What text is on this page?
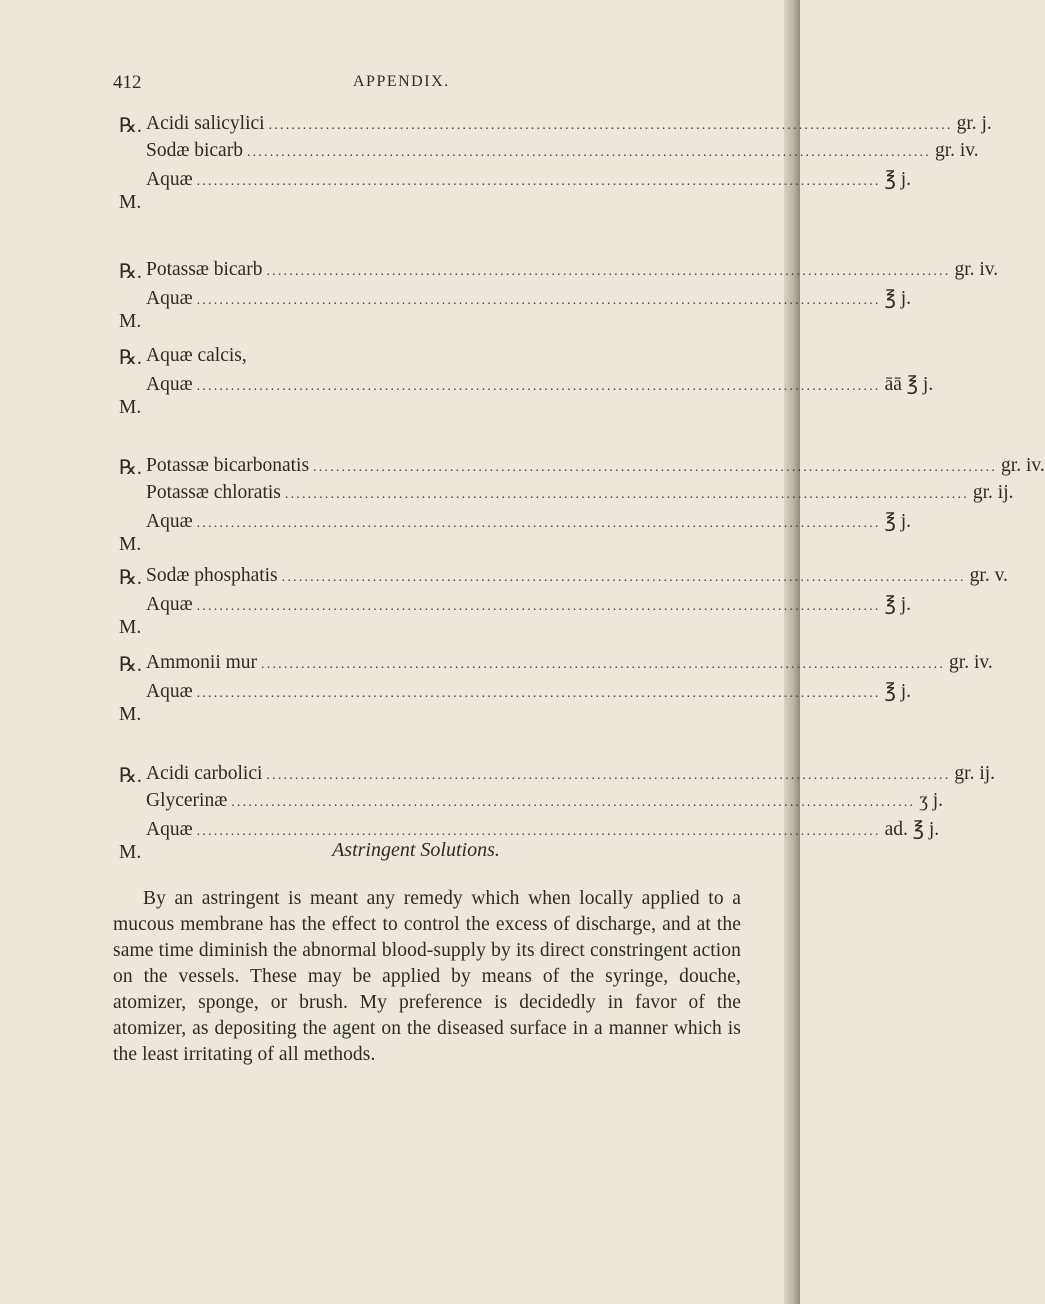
412	APPENDIX.
℞. Acidi salicylici ........................................................................................................................ gr. j.
Sodæ bicarb ........................................................................................................................ gr. iv.
Aquæ ........................................................................................................................ ℥ j.
M.
℞. Potassæ bicarb ........................................................................................................................ gr. iv.
Aquæ ........................................................................................................................ ℥ j.
M.
℞. Aquæ calcis,
Aquæ ........................................................................................................................ āā ℥ j.
M.
℞. Potassæ bicarbonatis ........................................................................................................................ gr. iv.
Potassæ chloratis ........................................................................................................................ gr. ij.
Aquæ ........................................................................................................................ ℥ j.
M.
℞. Sodæ phosphatis ........................................................................................................................ gr. v.
Aquæ ........................................................................................................................ ℥ j.
M.
℞. Ammonii mur ........................................................................................................................ gr. iv.
Aquæ ........................................................................................................................ ℥ j.
M.
℞. Acidi carbolici ........................................................................................................................ gr. ij.
Glycerinæ ........................................................................................................................ ʒ j.
Aquæ ........................................................................................................................ ad. ℥ j.
M.	Astringent Solutions.
By an astringent is meant any remedy which when locally applied to a mucous membrane has the effect to control the excess of discharge, and at the same time diminish the abnormal blood-supply by its direct constringent action on the vessels. These may be applied by means of the syringe, douche, atomizer, sponge, or brush. My preference is decidedly in favor of the atomizer, as depositing the agent on the diseased surface in a manner which is the least irritating of all methods.
